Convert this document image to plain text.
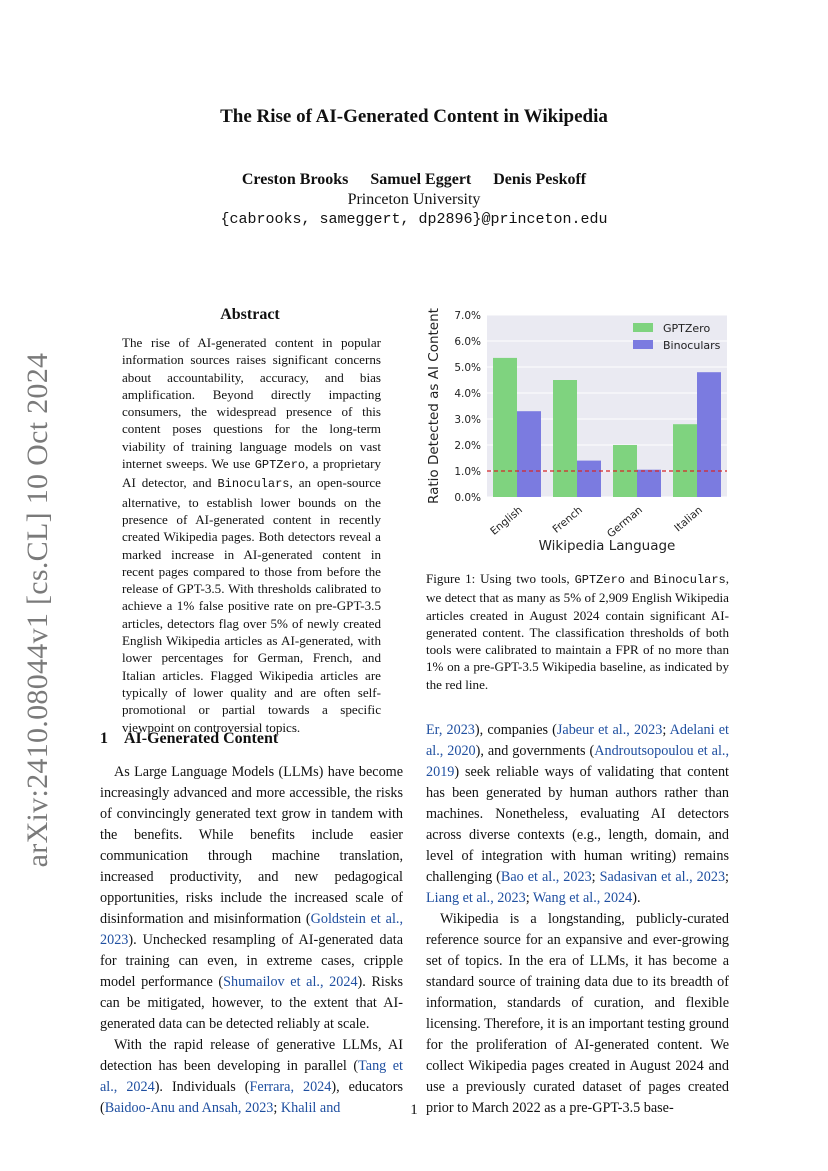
arXiv:2410.08044v1 [cs.CL] 10 Oct 2024
The Rise of AI-Generated Content in Wikipedia
Creston Brooks Samuel Eggert Denis Peskoff
Princeton University
{cabrooks, sameggert, dp2896}@princeton.edu
Abstract
The rise of AI-generated content in popular information sources raises significant concerns about accountability, accuracy, and bias amplification. Beyond directly impacting consumers, the widespread presence of this content poses questions for the long-term viability of training language models on vast internet sweeps. We use GPTZero, a proprietary AI detector, and Binoculars, an open-source alternative, to establish lower bounds on the presence of AI-generated content in recently created Wikipedia pages. Both detectors reveal a marked increase in AI-generated content in recent pages compared to those from before the release of GPT-3.5. With thresholds calibrated to achieve a 1% false positive rate on pre-GPT-3.5 articles, detectors flag over 5% of newly created English Wikipedia articles as AI-generated, with lower percentages for German, French, and Italian articles. Flagged Wikipedia articles are typically of lower quality and are often self-promotional or partial towards a specific viewpoint on controversial topics.
0.0%
1.0%
2.0%
3.0%
4.0%
5.0%
6.0%
7.0%
English French German	Italian
GPTZero
Binoculars
Wikipedia Language
Ratio Detected as AI Content
Figure 1: Using two tools, GPTZero and Binoculars, we detect that as many as 5% of 2,909 English Wikipedia articles created in August 2024 contain significant AI-generated content. The classification thresholds of both tools were calibrated to maintain a FPR of no more than 1% on a pre-GPT-3.5 Wikipedia baseline, as indicated by the red line.
1 AI-Generated Content

As Large Language Models (LLMs) have become increasingly advanced and more accessible, the risks of convincingly generated text grow in tandem with the benefits. While benefits include easier communication through machine translation, increased productivity, and new pedagogical opportunities, risks include the increased scale of disinformation and misinformation (Goldstein et al., 2023). Unchecked resampling of AI-generated data for training can even, in extreme cases, cripple model performance (Shumailov et al., 2024). Risks can be mitigated, however, to the extent that AI-generated data can be detected reliably at scale.

With the rapid release of generative LLMs, AI detection has been developing in parallel (Tang et al., 2024). Individuals (Ferrara, 2024), educators (Baidoo-Anu and Ansah, 2023; Khalil and

Er, 2023), companies (Jabeur et al., 2023; Adelani et al., 2020), and governments (Androutsopoulou et al., 2019) seek reliable ways of validating that content has been generated by human authors rather than machines. Nonetheless, evaluating AI detectors across diverse contexts (e.g., length, domain, and level of integration with human writing) remains challenging (Bao et al., 2023; Sadasivan et al., 2023; Liang et al., 2023; Wang et al., 2024).

Wikipedia is a longstanding, publicly-curated reference source for an expansive and ever-growing set of topics. In the era of LLMs, it has become a standard source of training data due to its breadth of information, standards of curation, and flexible licensing. Therefore, it is an important testing ground for the proliferation of AI-generated content. We collect Wikipedia pages created in August 2024 and use a previously curated dataset of pages created prior to March 2022 as a pre-GPT-3.5 base-

1
